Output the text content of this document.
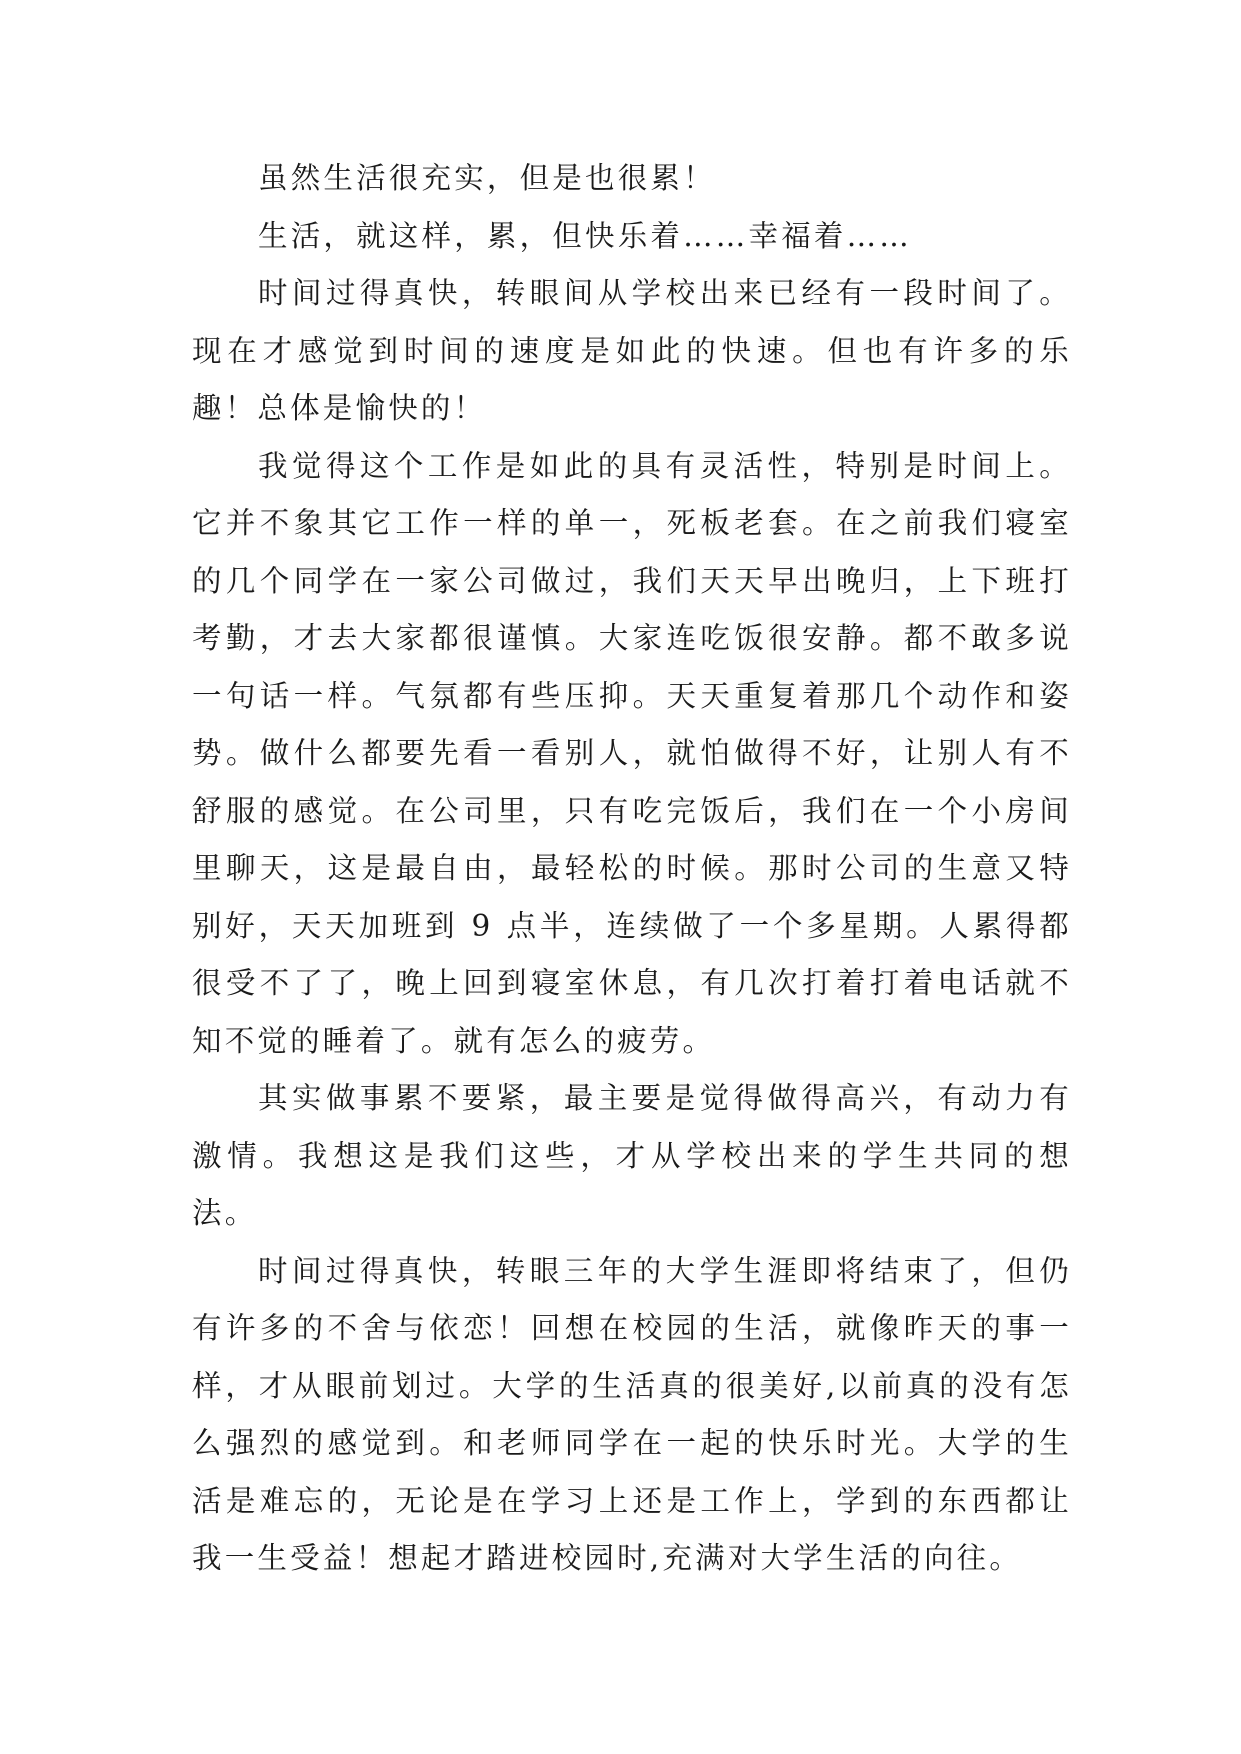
虽然生活很充实，但是也很累！

生活，就这样，累，但快乐着……幸福着……

时间过得真快，转眼间从学校出来已经有一段时间了。现在才感觉到时间的速度是如此的快速。但也有许多的乐趣！总体是愉快的！

我觉得这个工作是如此的具有灵活性，特别是时间上。它并不象其它工作一样的单一，死板老套。在之前我们寝室的几个同学在一家公司做过，我们天天早出晚归，上下班打考勤，才去大家都很谨慎。大家连吃饭很安静。都不敢多说一句话一样。气氛都有些压抑。天天重复着那几个动作和姿势。做什么都要先看一看别人，就怕做得不好，让别人有不舒服的感觉。在公司里，只有吃完饭后，我们在一个小房间里聊天，这是最自由，最轻松的时候。那时公司的生意又特别好，天天加班到 9 点半，连续做了一个多星期。人累得都很受不了了，晚上回到寝室休息，有几次打着打着电话就不知不觉的睡着了。就有怎么的疲劳。

其实做事累不要紧，最主要是觉得做得高兴，有动力有激情。我想这是我们这些，才从学校出来的学生共同的想法。

时间过得真快，转眼三年的大学生涯即将结束了，但仍有许多的不舍与依恋！回想在校园的生活，就像昨天的事一样，才从眼前划过。大学的生活真的很美好,以前真的没有怎么强烈的感觉到。和老师同学在一起的快乐时光。大学的生活是难忘的，无论是在学习上还是工作上，学到的东西都让我一生受益！想起才踏进校园时,充满对大学生活的向往。
